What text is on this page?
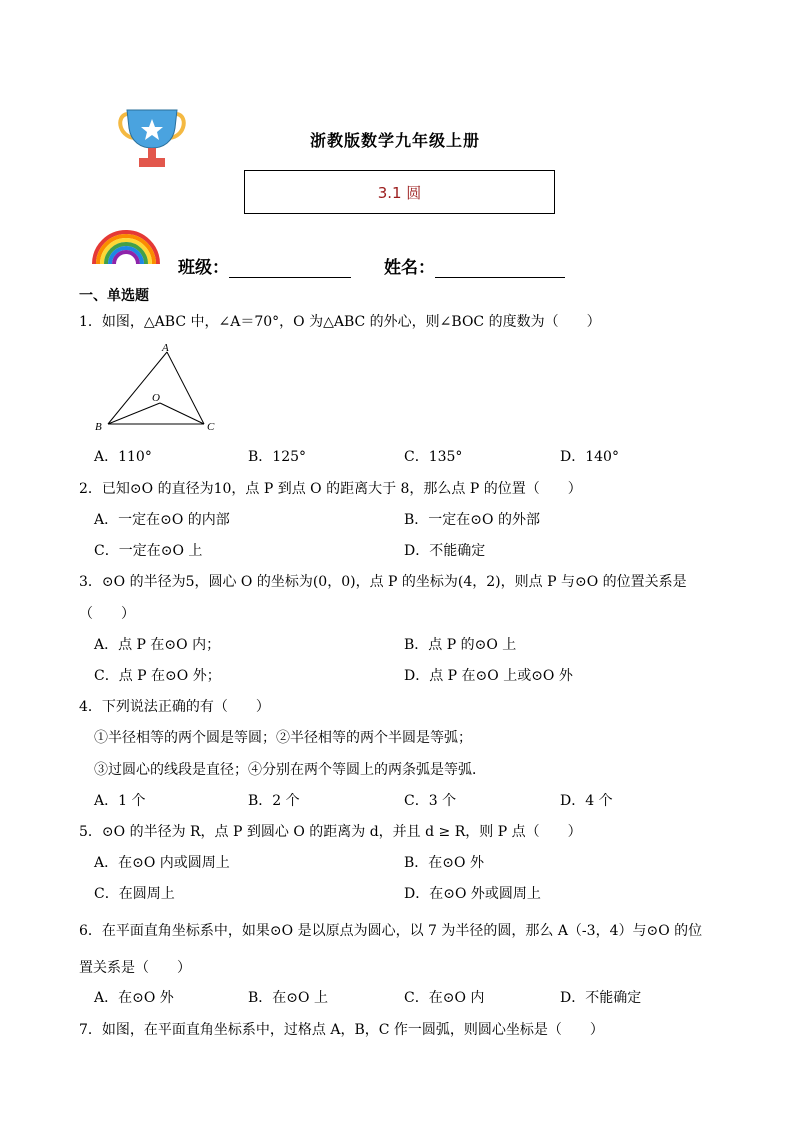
浙教版数学九年级上册
3.1 圆
班级：	姓名：
一、单选题
1．如图，△ABC 中，∠A＝70°，O 为△ABC 的外心，则∠BOC 的度数为（　　）
A
B	C
O
A．110°	B．125°	C．135°	D．140°
2．已知⊙O 的直径为10，点 P 到点 O 的距离大于 8，那么点 P 的位置（　　）
A．一定在⊙O 的内部	B．一定在⊙O 的外部
C．一定在⊙O 上	D．不能确定
3．⊙O 的半径为5，圆心 O 的坐标为(0，0)，点 P 的坐标为(4，2)，则点 P 与⊙O 的位置关系是
（　　）
A．点 P 在⊙O 内；	B．点 P 的⊙O 上
C．点 P 在⊙O 外；	D．点 P 在⊙O 上或⊙O 外
4．下列说法正确的有（　　）
①半径相等的两个圆是等圆；②半径相等的两个半圆是等弧；
③过圆心的线段是直径；④分别在两个等圆上的两条弧是等弧．
A．1 个	B．2 个	C．3 个	D．4 个
5．⊙O 的半径为 R，点 P 到圆心 O 的距离为 d，并且 d ≥ R，则 P 点（　　）
A．在⊙O 内或圆周上	B．在⊙O 外
C．在圆周上	D．在⊙O 外或圆周上
6．在平面直角坐标系中，如果⊙O 是以原点为圆心，以 7 为半径的圆，那么 A（-3，4）与⊙O 的位
置关系是（　　）
A．在⊙O 外	B．在⊙O 上	C．在⊙O 内	D．不能确定
7．如图，在平面直角坐标系中，过格点 A，B，C 作一圆弧，则圆心坐标是（　　）
